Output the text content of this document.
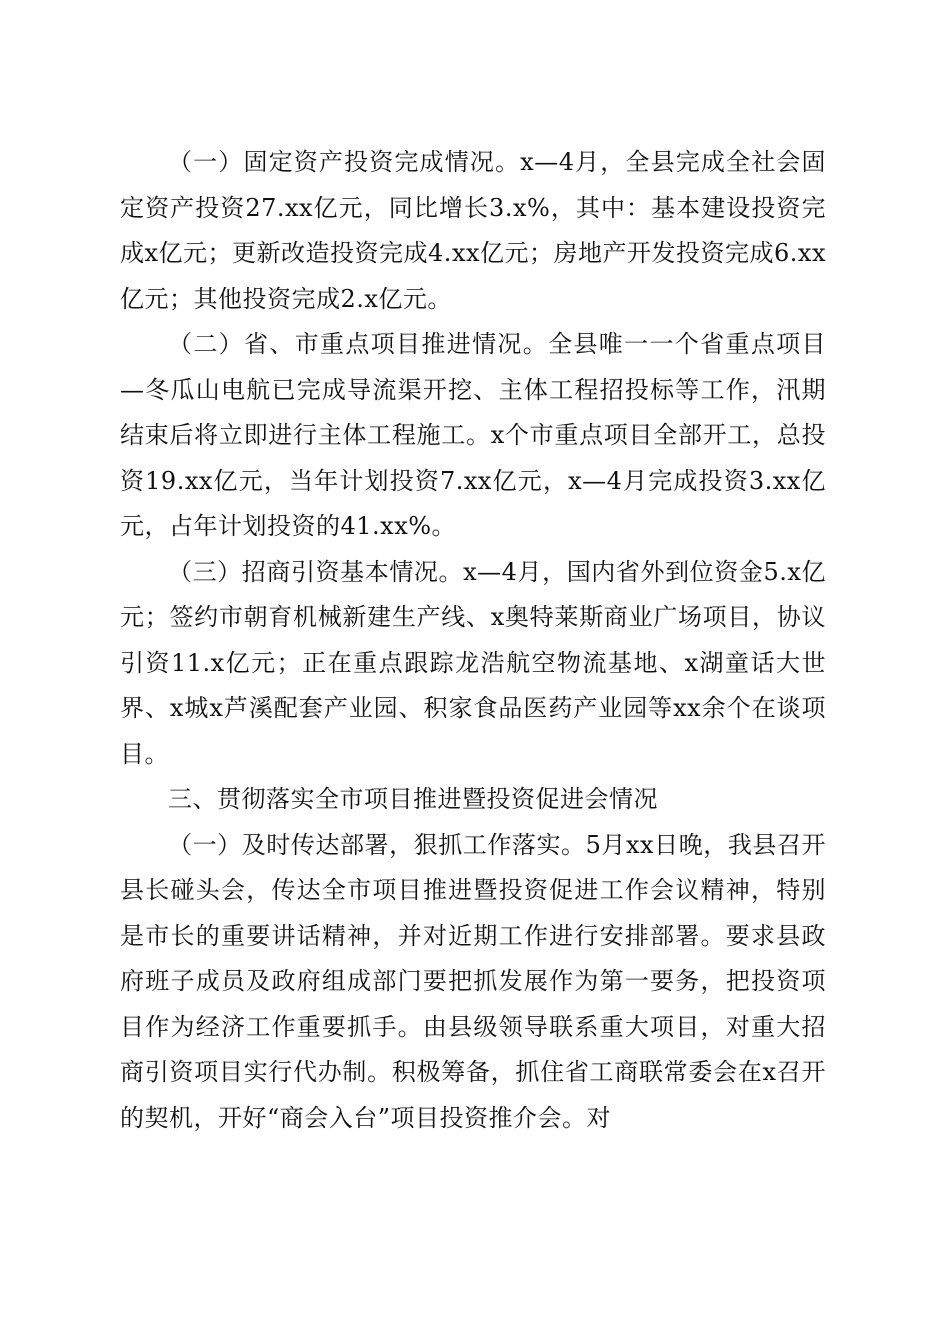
（一）固定资产投资完成情况。x—4月，全县完成全社会固定资产投资27.xx亿元，同比增长3.x%，其中：基本建设投资完成x亿元；更新改造投资完成4.xx亿元；房地产开发投资完成6.xx亿元；其他投资完成2.x亿元。

（二）省、市重点项目推进情况。全县唯一一个省重点项目—冬瓜山电航已完成导流渠开挖、主体工程招投标等工作，汛期结束后将立即进行主体工程施工。x个市重点项目全部开工，总投资19.xx亿元，当年计划投资7.xx亿元，x—4月完成投资3.xx亿元，占年计划投资的41.xx%。

（三）招商引资基本情况。x—4月，国内省外到位资金5.x亿元；签约市朝育机械新建生产线、x奥特莱斯商业广场项目，协议引资11.x亿元；正在重点跟踪龙浩航空物流基地、x湖童话大世界、x城x芦溪配套产业园、积家食品医药产业园等xx余个在谈项目。

三、贯彻落实全市项目推进暨投资促进会情况

（一）及时传达部署，狠抓工作落实。5月xx日晚，我县召开县长碰头会，传达全市项目推进暨投资促进工作会议精神，特别是市长的重要讲话精神，并对近期工作进行安排部署。要求县政府班子成员及政府组成部门要把抓发展作为第一要务，把投资项目作为经济工作重要抓手。由县级领导联系重大项目，对重大招商引资项目实行代办制。积极筹备，抓住省工商联常委会在x召开的契机，开好“商会入台”项目投资推介会。对
